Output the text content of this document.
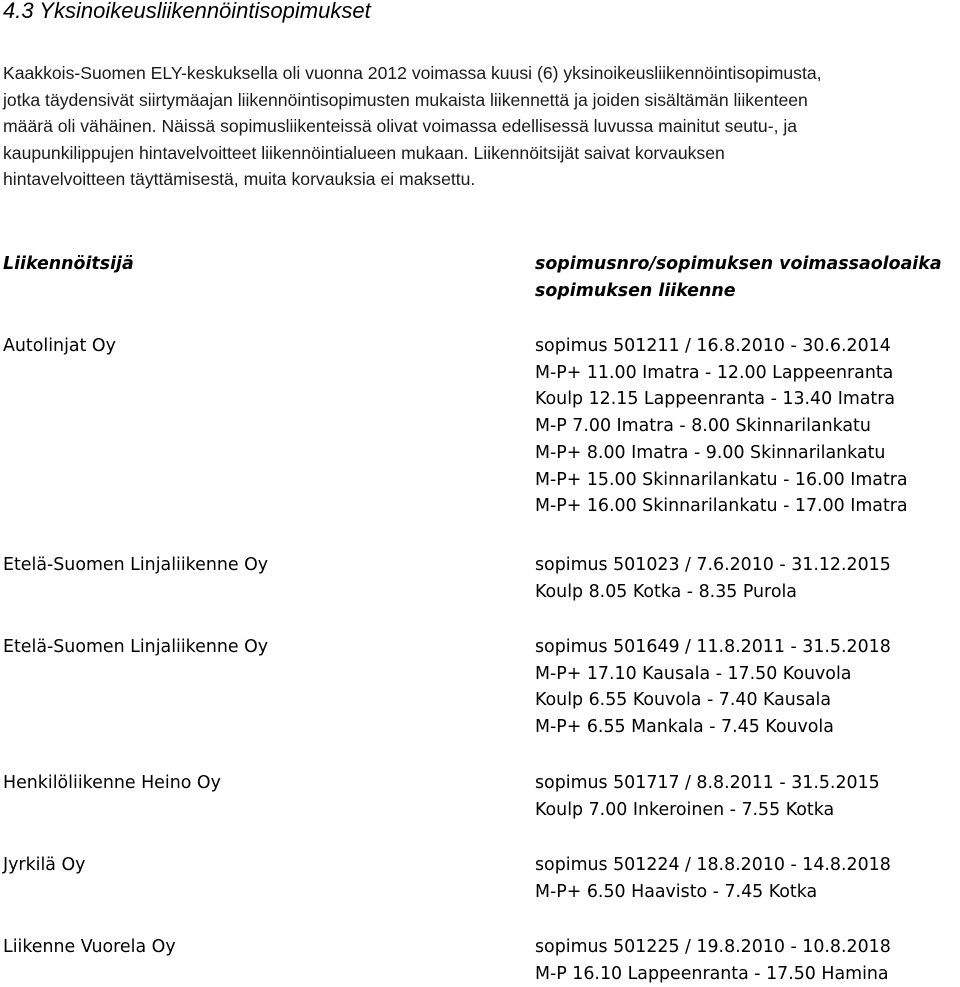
4.3 Yksinoikeusliikennöintisopimukset

Kaakkois-Suomen ELY-keskuksella oli vuonna 2012 voimassa kuusi (6) yksinoikeusliikennöintisopimusta,
jotka täydensivät siirtymäajan liikennöintisopimusten mukaista liikennettä ja joiden sisältämän liikenteen
määrä oli vähäinen. Näissä sopimusliikenteissä olivat voimassa edellisessä luvussa mainitut seutu-, ja
kaupunkilippujen hintavelvoitteet liikennöintialueen mukaan. Liikennöitsijät saivat korvauksen
hintavelvoitteen täyttämisestä, muita korvauksia ei maksettu.

Liikennöitsijä	sopimusnro/sopimuksen voimassaoloaika
sopimuksen liikenne
Autolinjat Oy	sopimus 501211 / 16.8.2010 - 30.6.2014
M-P+ 11.00 Imatra - 12.00 Lappeenranta
Koulp 12.15 Lappeenranta - 13.40 Imatra
M-P 7.00 Imatra - 8.00 Skinnarilankatu
M-P+ 8.00 Imatra - 9.00 Skinnarilankatu
M-P+ 15.00 Skinnarilankatu - 16.00 Imatra
M-P+ 16.00 Skinnarilankatu - 17.00 Imatra
Etelä-Suomen Linjaliikenne Oy	sopimus 501023 / 7.6.2010 - 31.12.2015
Koulp 8.05 Kotka - 8.35 Purola
Etelä-Suomen Linjaliikenne Oy	sopimus 501649 / 11.8.2011 - 31.5.2018
M-P+ 17.10 Kausala - 17.50 Kouvola
Koulp 6.55 Kouvola - 7.40 Kausala
M-P+ 6.55 Mankala - 7.45 Kouvola
Henkilöliikenne Heino Oy	sopimus 501717 / 8.8.2011 - 31.5.2015
Koulp 7.00 Inkeroinen - 7.55 Kotka
Jyrkilä Oy	sopimus 501224 / 18.8.2010 - 14.8.2018
M-P+ 6.50 Haavisto - 7.45 Kotka
Liikenne Vuorela Oy	sopimus 501225 / 19.8.2010 - 10.8.2018
M-P 16.10 Lappeenranta - 17.50 Hamina
